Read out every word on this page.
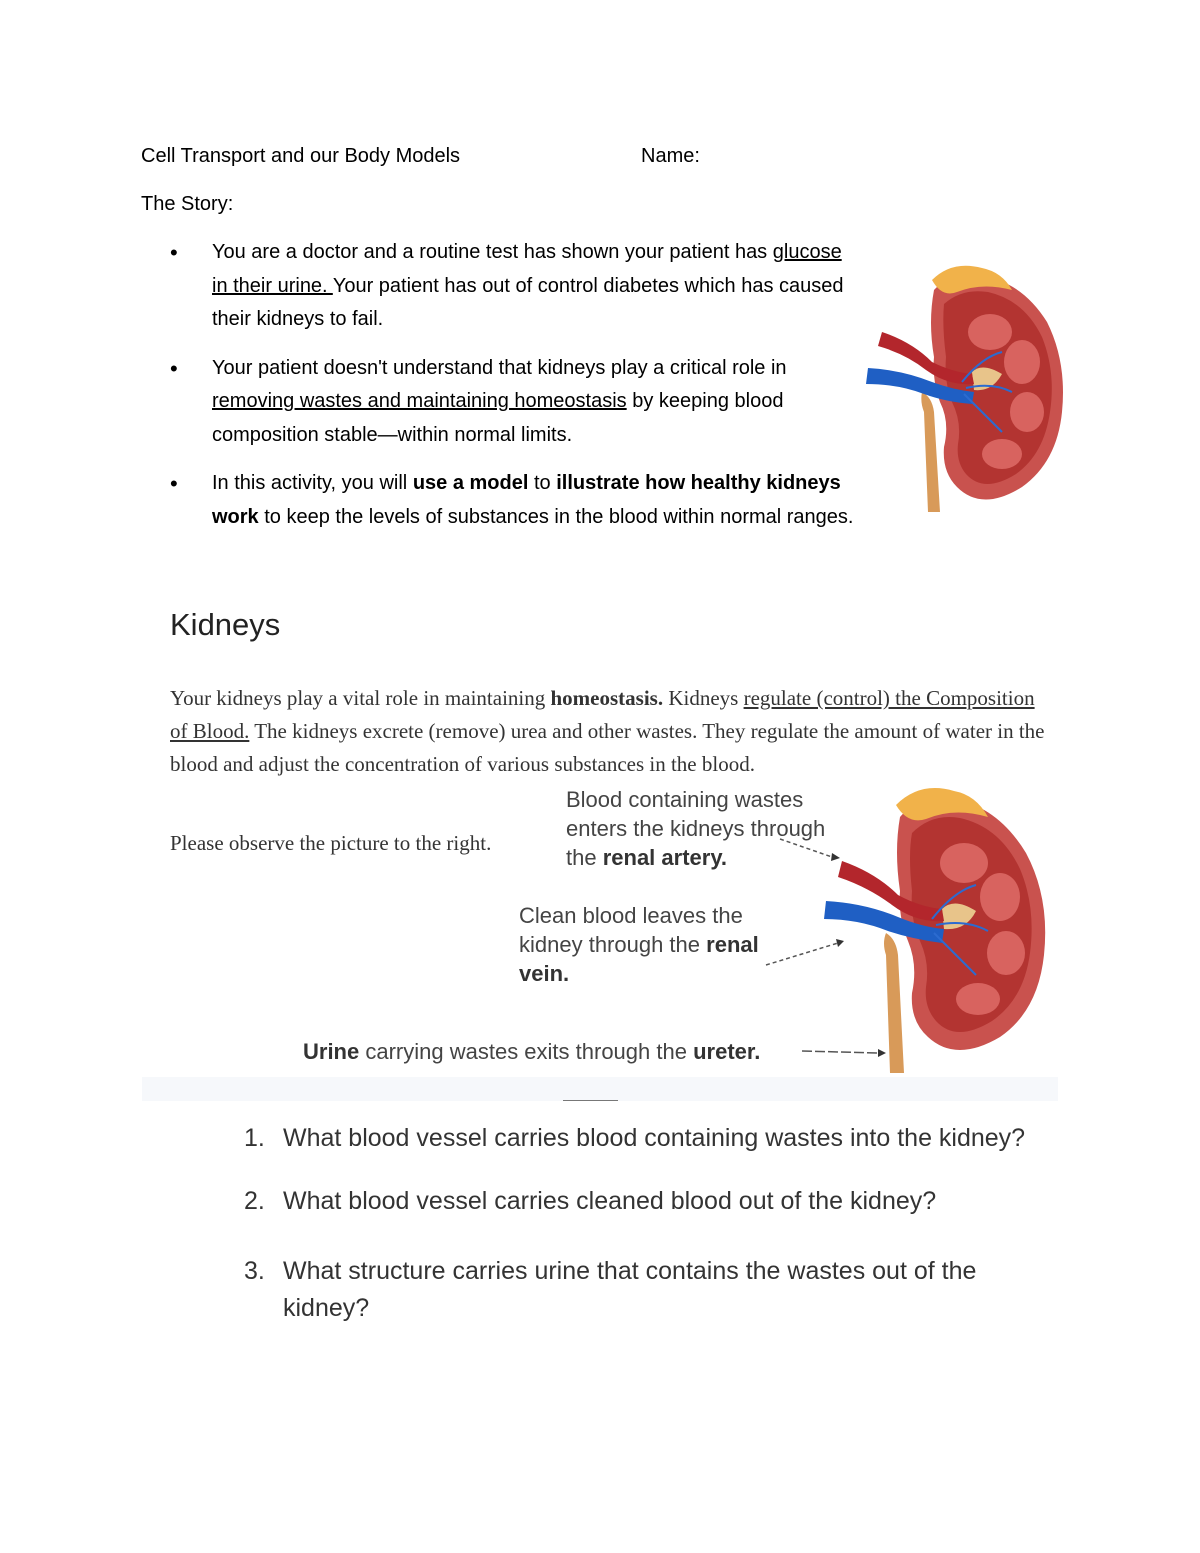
Cell Transport and our Body Models	Name:
The Story:
• You are a doctor and a routine test has shown your patient has glucose in their urine. Your patient has out of control diabetes which has caused their kidneys to fail.
• Your patient doesn't understand that kidneys play a critical role in removing wastes and maintaining homeostasis by keeping blood composition stable—within normal limits.
• In this activity, you will use a model to illustrate how healthy kidneys work to keep the levels of substances in the blood within normal ranges.
Kidneys
Your kidneys play a vital role in maintaining homeostasis. Kidneys regulate (control) the Composition of Blood. The kidneys excrete (remove) urea and other wastes. They regulate the amount of water in the blood and adjust the concentration of various substances in the blood.
Please observe the picture to the right.
Blood containing wastes enters the kidneys through the renal artery.
Clean blood leaves the kidney through the renal vein.
Urine carrying wastes exits through the ureter.
1. What blood vessel carries blood containing wastes into the kidney?
2. What blood vessel carries cleaned blood out of the kidney?
3. What structure carries urine that contains the wastes out of the kidney?
